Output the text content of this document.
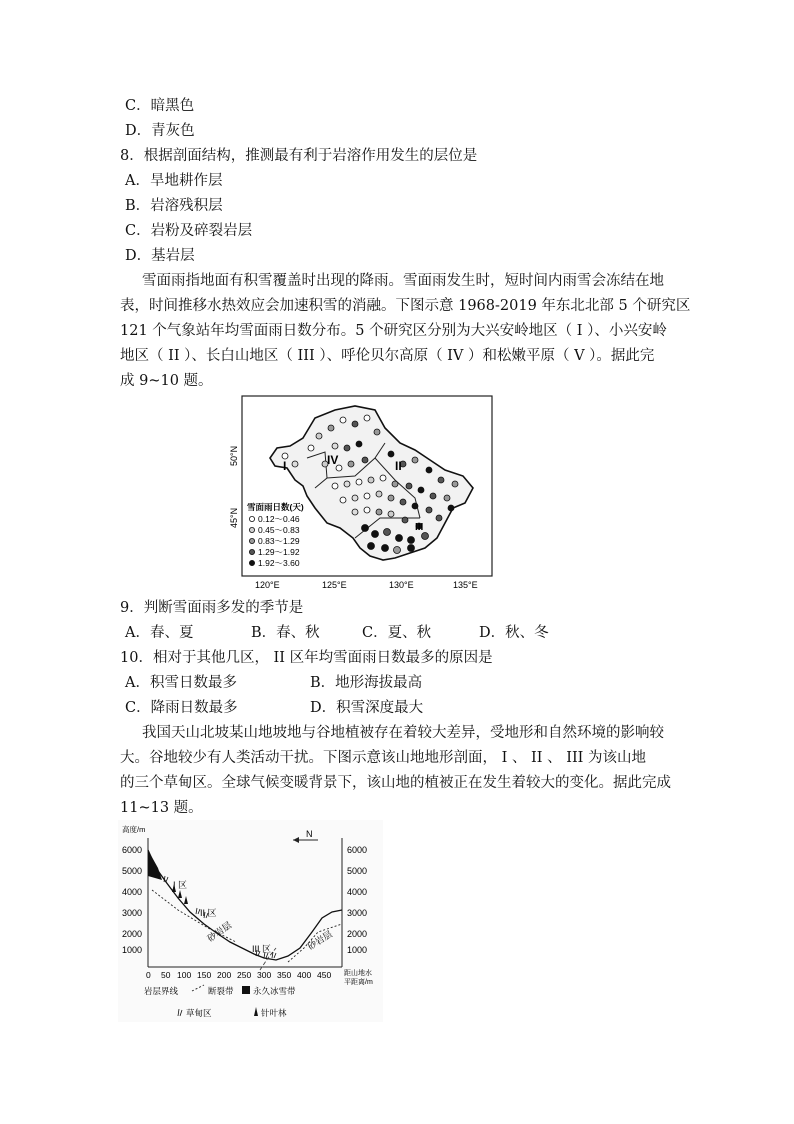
C．暗黑色
D．青灰色
8．根据剖面结构，推测最有利于岩溶作用发生的层位是
A．旱地耕作层
B．岩溶残积层
C．岩粉及碎裂岩层
D．基岩层
雪面雨指地面有积雪覆盖时出现的降雨。雪面雨发生时，短时间内雨雪会冻结在地
表，时间推移水热效应会加速积雪的消融。下图示意 1968-2019 年东北北部 5 个研究区
121 个气象站年均雪面雨日数分布。5 个研究区分别为大兴安岭地区（ I ）、小兴安岭
地区（ II ）、长白山地区（ III ）、呼伦贝尔高原（ IV ）和松嫩平原（ V ）。据此完
成 9~10 题。
I	IV	II
III
50°N
45°N
120°E	125°E	130°E	135°E
雪面雨日数(天)
0.12～0.46
0.45～0.83
0.83～1.29
1.29～1.92
1.92～3.60
9．判断雪面雨多发的季节是
A．春、夏	B．春、秋	C．夏、秋	D．秋、冬
10．相对于其他几区， II 区年均雪面雨日数最多的原因是
A．积雪日数最多	B．地形海拔最高
C．降雨日数最多	D．积雪深度最大
我国天山北坡某山地坡地与谷地植被存在着较大差异，受地形和自然环境的影响较
大。谷地较少有人类活动干扰。下图示意该山地地形剖面， I 、 II 、 III 为该山地
的三个草甸区。全球气候变暖背景下，该山地的植被正在发生着较大的变化。据此完成
11~13 题。
高度/m
6000
5000
4000
3000
2000
1000
6000
5000
4000
3000
2000
1000
N
I 区
II 区
III 区
砂岩层	砂岩层
0 50 100 150 200 250 300 350 400 450 距山地水
平距离/m
岩层界线	断裂带 永久冰雪带
草甸区	针叶林
